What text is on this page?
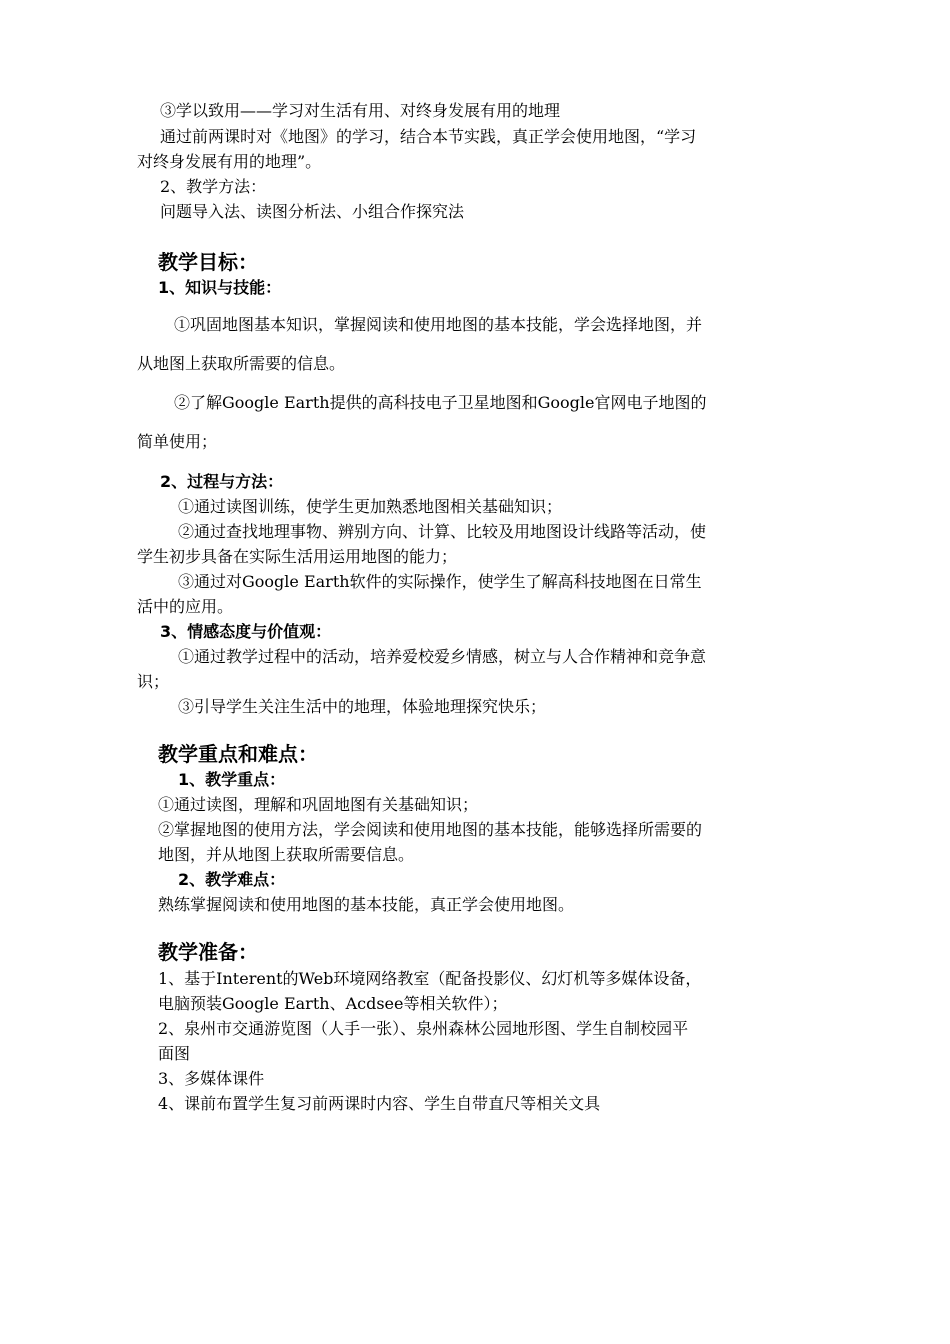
③学以致用——学习对生活有用、对终身发展有用的地理
通过前两课时对《地图》的学习，结合本节实践，真正学会使用地图，“学习
对终身发展有用的地理”。
2、教学方法：
问题导入法、读图分析法、小组合作探究法
教学目标：
1、知识与技能：
①巩固地图基本知识，掌握阅读和使用地图的基本技能，学会选择地图，并
从地图上获取所需要的信息。
②了解Google Earth提供的高科技电子卫星地图和Google官网电子地图的
简单使用；
2、过程与方法：
①通过读图训练，使学生更加熟悉地图相关基础知识；
②通过查找地理事物、辨别方向、计算、比较及用地图设计线路等活动，使
学生初步具备在实际生活用运用地图的能力；
③通过对Google Earth软件的实际操作，使学生了解高科技地图在日常生
活中的应用。
3、情感态度与价值观：
①通过教学过程中的活动，培养爱校爱乡情感，树立与人合作精神和竞争意
识；
③引导学生关注生活中的地理，体验地理探究快乐；
教学重点和难点：
1、教学重点：
①通过读图，理解和巩固地图有关基础知识；
②掌握地图的使用方法，学会阅读和使用地图的基本技能，能够选择所需要的
地图，并从地图上获取所需要信息。
2、教学难点：
熟练掌握阅读和使用地图的基本技能，真正学会使用地图。
教学准备：
1、基于Interent的Web环境网络教室（配备投影仪、幻灯机等多媒体设备，
电脑预装Google Earth、Acdsee等相关软件）；
2、泉州市交通游览图（人手一张）、泉州森林公园地形图、学生自制校园平
面图
3、多媒体课件
4、课前布置学生复习前两课时内容、学生自带直尺等相关文具
